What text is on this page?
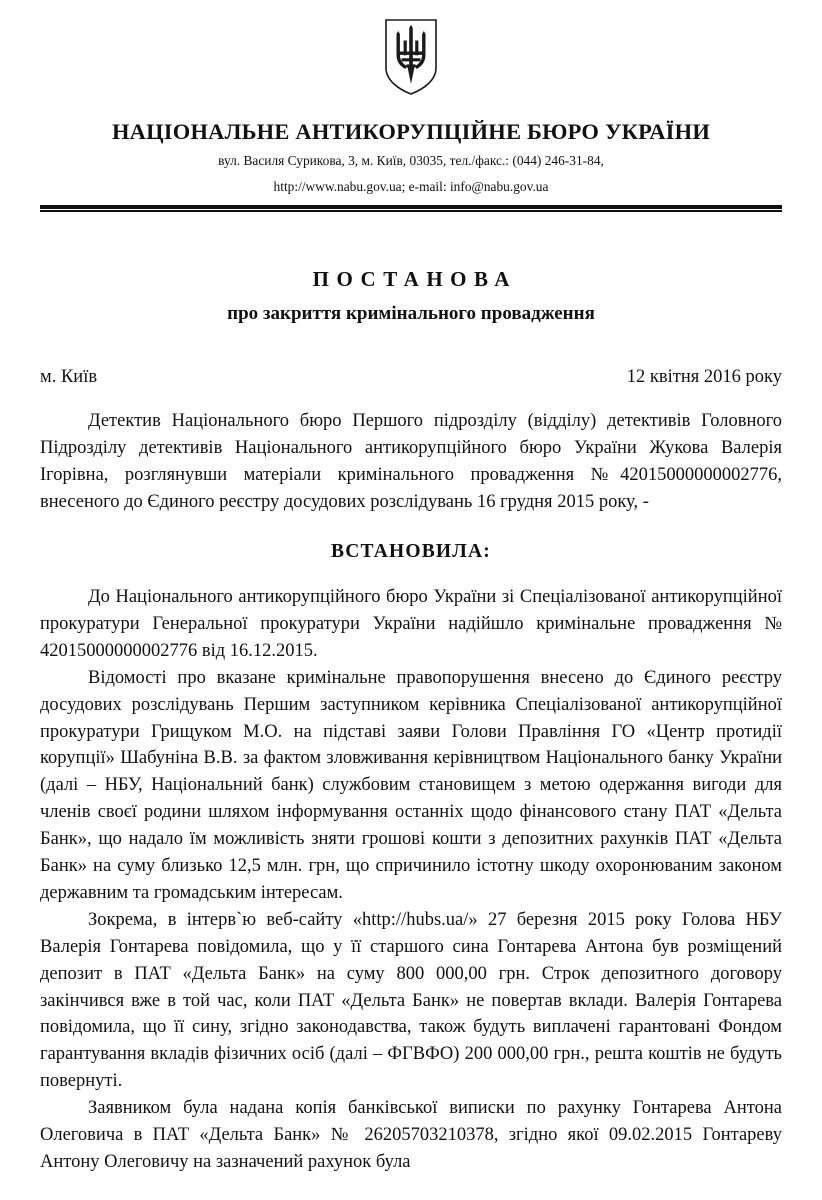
НАЦІОНАЛЬНЕ АНТИКОРУПЦІЙНЕ БЮРО УКРАЇНИ
вул. Василя Сурикова, 3, м. Київ, 03035, тел./факс.: (044) 246-31-84,
http://www.nabu.gov.ua; e-mail: info@nabu.gov.ua
ПОСТАНОВА
про закриття кримінального провадження
м. Київ	12 квітня 2016 року

Детектив Національного бюро Першого підрозділу (відділу) детективів Головного Підрозділу детективів Національного антикорупційного бюро України Жукова Валерія Ігорівна, розглянувши матеріали кримінального провадження №42015000000002776, внесеного до Єдиного реєстру досудових розслідувань 16 грудня 2015 року, -

ВСТАНОВИЛА:

До Національного антикорупційного бюро України зі Спеціалізованої антикорупційної прокуратури Генеральної прокуратури України надійшло кримінальне провадження № 42015000000002776 від 16.12.2015.

Відомості про вказане кримінальне правопорушення внесено до Єдиного реєстру досудових розслідувань Першим заступником керівника Спеціалізованої антикорупційної прокуратури Грищуком М.О. на підставі заяви Голови Правління ГО «Центр протидії корупції» Шабуніна В.В. за фактом зловживання керівництвом Національного банку України (далі – НБУ, Національний банк) службовим становищем з метою одержання вигоди для членів своєї родини шляхом інформування останніх щодо фінансового стану ПАТ «Дельта Банк», що надало їм можливість зняти грошові кошти з депозитних рахунків ПАТ «Дельта Банк» на суму близько 12,5 млн. грн, що спричинило істотну шкоду охоронюваним законом державним та громадським інтересам.

Зокрема, в інтерв`ю веб-сайту «http://hubs.ua/» 27 березня 2015 року Голова НБУ Валерія Гонтарева повідомила, що у її старшого сина Гонтарева Антона був розміщений депозит в ПАТ «Дельта Банк» на суму 800 000,00 грн. Строк депозитного договору закінчився вже в той час, коли ПАТ «Дельта Банк» не повертав вклади. Валерія Гонтарева повідомила, що її сину, згідно законодавства, також будуть виплачені гарантовані Фондом гарантування вкладів фізичних осіб (далі – ФГВФО) 200 000,00 грн., решта коштів не будуть повернуті.

Заявником була надана копія банківської виписки по рахунку Гонтарева Антона Олеговича в ПАТ «Дельта Банк» № 26205703210378, згідно якої 09.02.2015 Гонтареву Антону Олеговичу на зазначений рахунок була
